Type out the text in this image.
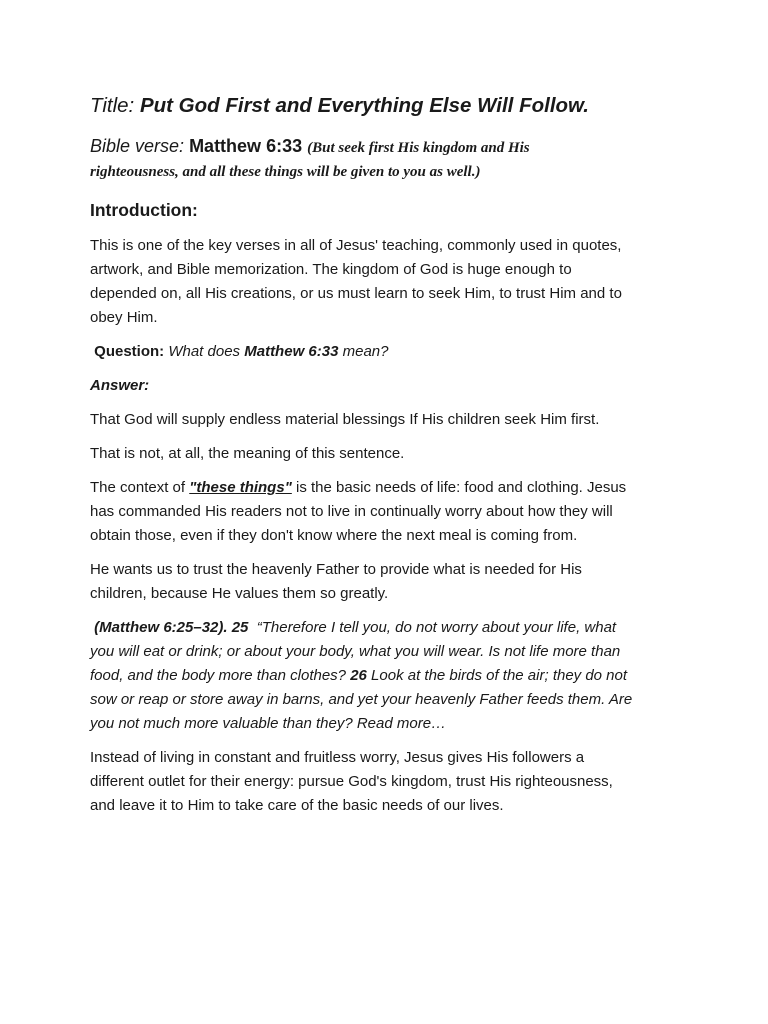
Title: Put God First and Everything Else Will Follow.
Bible verse: Matthew 6:33 (But seek first His kingdom and His
righteousness, and all these things will be given to you as well.)
Introduction:

This is one of the key verses in all of Jesus' teaching, commonly used in quotes,
artwork, and Bible memorization. The kingdom of God is huge enough to
depended on, all His creations, or us must learn to seek Him, to trust Him and to
obey Him.

Question: What does Matthew 6:33 mean?

Answer:

That God will supply endless material blessings If His children seek Him first.

That is not, at all, the meaning of this sentence.

The context of "these things" is the basic needs of life: food and clothing. Jesus
has commanded His readers not to live in continually worry about how they will
obtain those, even if they don't know where the next meal is coming from.

He wants us to trust the heavenly Father to provide what is needed for His
children, because He values them so greatly.

(Matthew 6:25–32). 25 “Therefore I tell you, do not worry about your life, what
you will eat or drink; or about your body, what you will wear. Is not life more than
food, and the body more than clothes? 26 Look at the birds of the air; they do not
sow or reap or store away in barns, and yet your heavenly Father feeds them. Are
you not much more valuable than they? Read more…

Instead of living in constant and fruitless worry, Jesus gives His followers a
different outlet for their energy: pursue God's kingdom, trust His righteousness,
and leave it to Him to take care of the basic needs of our lives.
